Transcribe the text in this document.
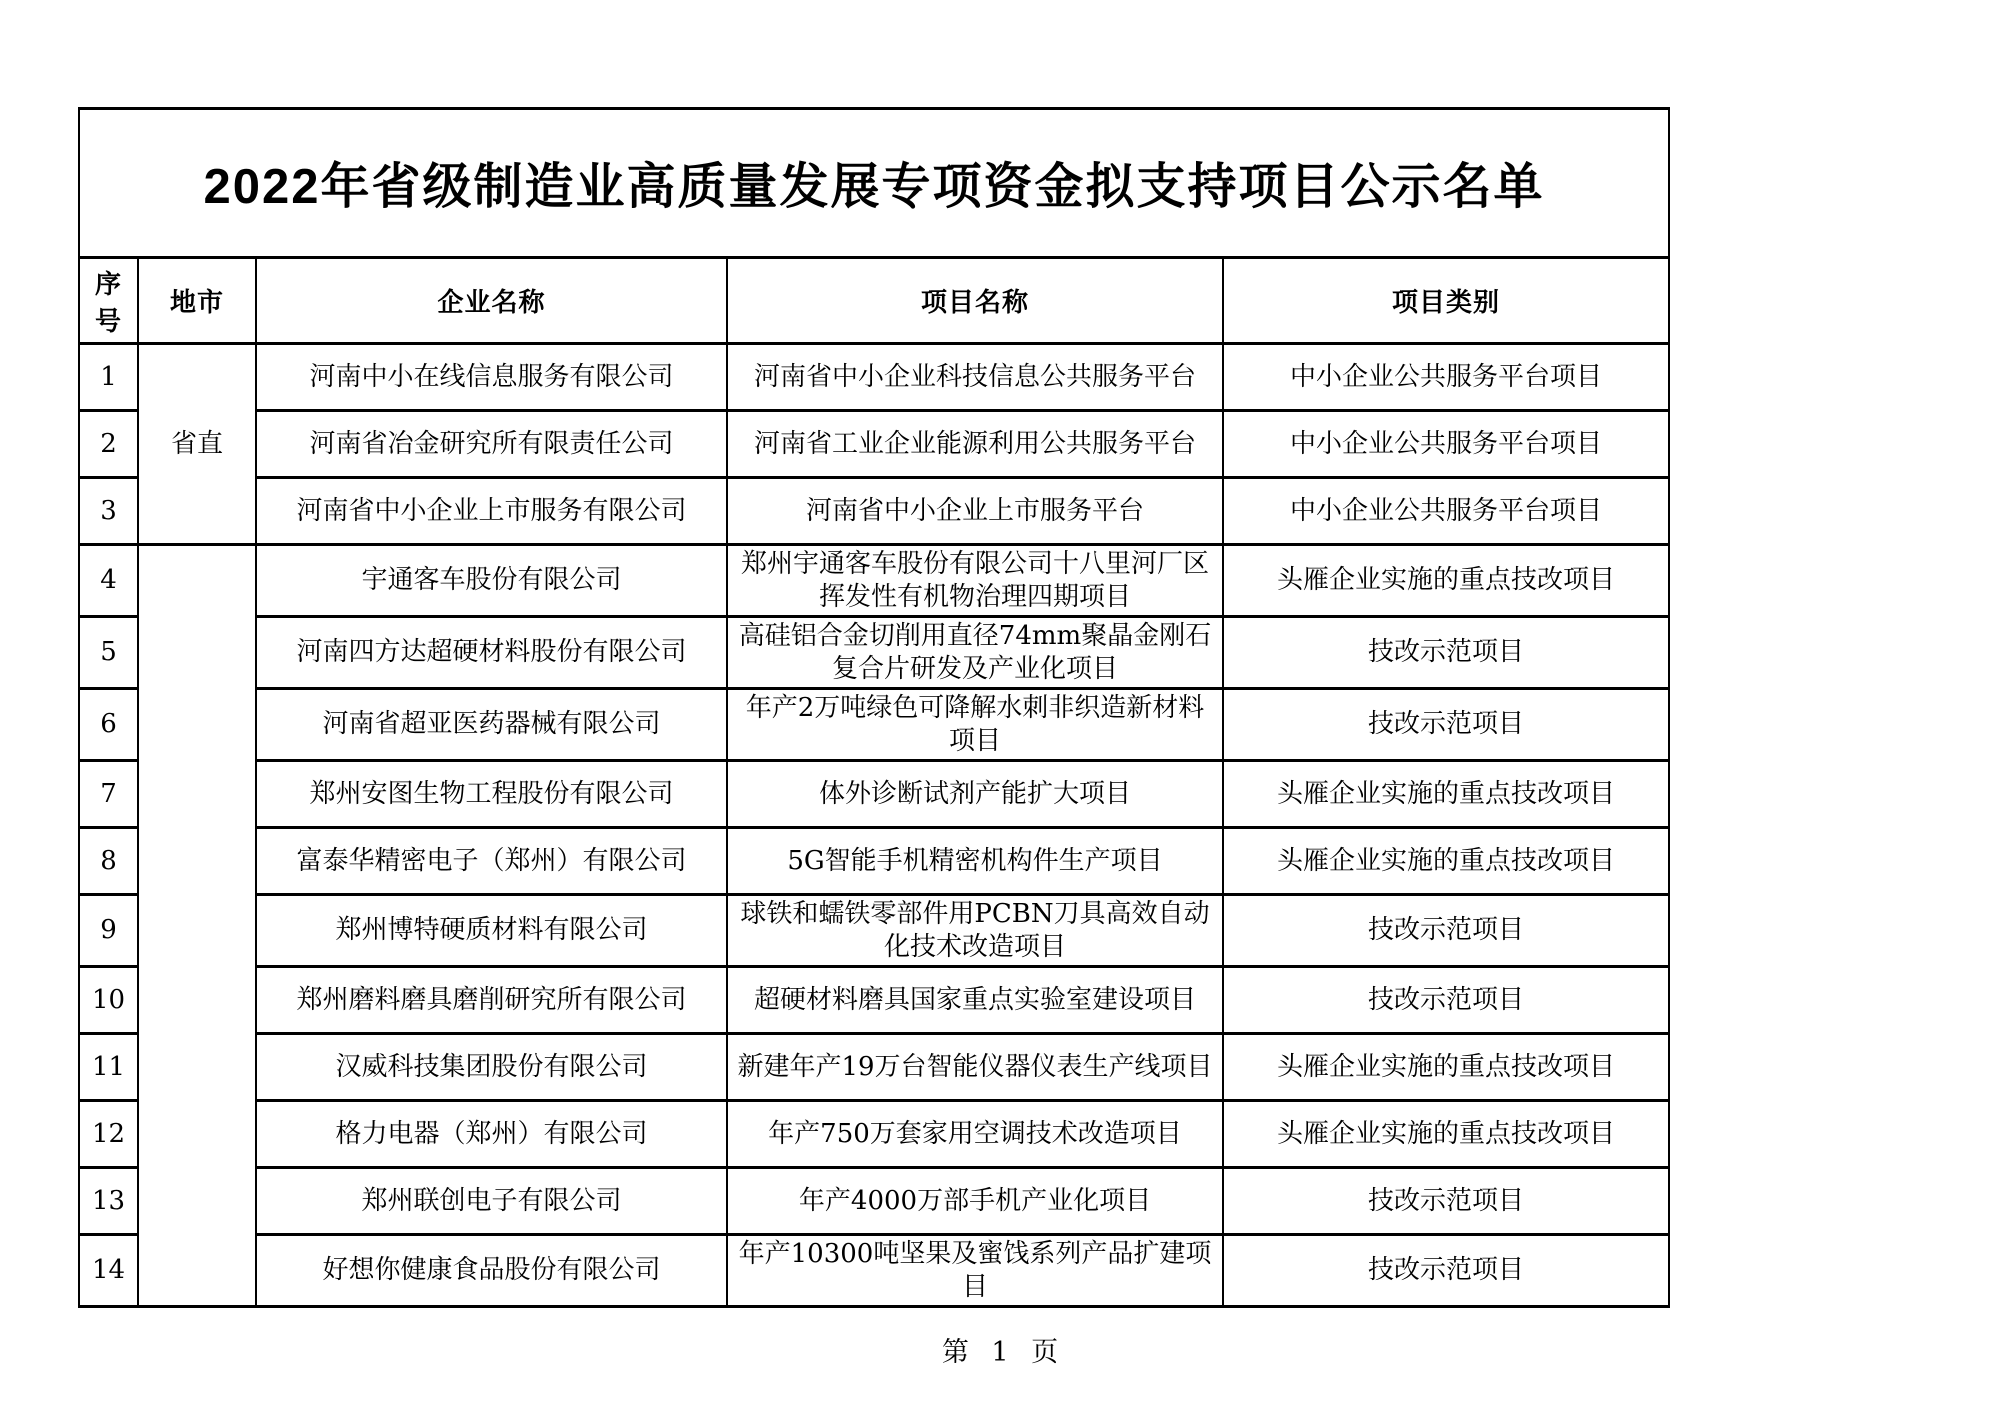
2022年省级制造业高质量发展专项资金拟支持项目公示名单				
序号	地市	企业名称	项目名称	项目类别
1	省直	河南中小在线信息服务有限公司	河南省中小企业科技信息公共服务平台	中小企业公共服务平台项目
2		河南省冶金研究所有限责任公司	河南省工业企业能源利用公共服务平台	中小企业公共服务平台项目
3		河南省中小企业上市服务有限公司	河南省中小企业上市服务平台	中小企业公共服务平台项目
4		宇通客车股份有限公司	郑州宇通客车股份有限公司十八里河厂区挥发性有机物治理四期项目	头雁企业实施的重点技改项目
5		河南四方达超硬材料股份有限公司	高硅铝合金切削用直径74mm聚晶金刚石复合片研发及产业化项目	技改示范项目
6		河南省超亚医药器械有限公司	年产2万吨绿色可降解水刺非织造新材料项目	技改示范项目
7		郑州安图生物工程股份有限公司	体外诊断试剂产能扩大项目	头雁企业实施的重点技改项目
8		富泰华精密电子（郑州）有限公司	5G智能手机精密机构件生产项目	头雁企业实施的重点技改项目
9		郑州博特硬质材料有限公司	球铁和蠕铁零部件用PCBN刀具高效自动化技术改造项目	技改示范项目
10		郑州磨料磨具磨削研究所有限公司	超硬材料磨具国家重点实验室建设项目	技改示范项目
11		汉威科技集团股份有限公司	新建年产19万台智能仪器仪表生产线项目	头雁企业实施的重点技改项目
12		格力电器（郑州）有限公司	年产750万套家用空调技术改造项目	头雁企业实施的重点技改项目
13		郑州联创电子有限公司	年产4000万部手机产业化项目	技改示范项目
14		好想你健康食品股份有限公司	年产10300吨坚果及蜜饯系列产品扩建项目	技改示范项目
第 1 页
